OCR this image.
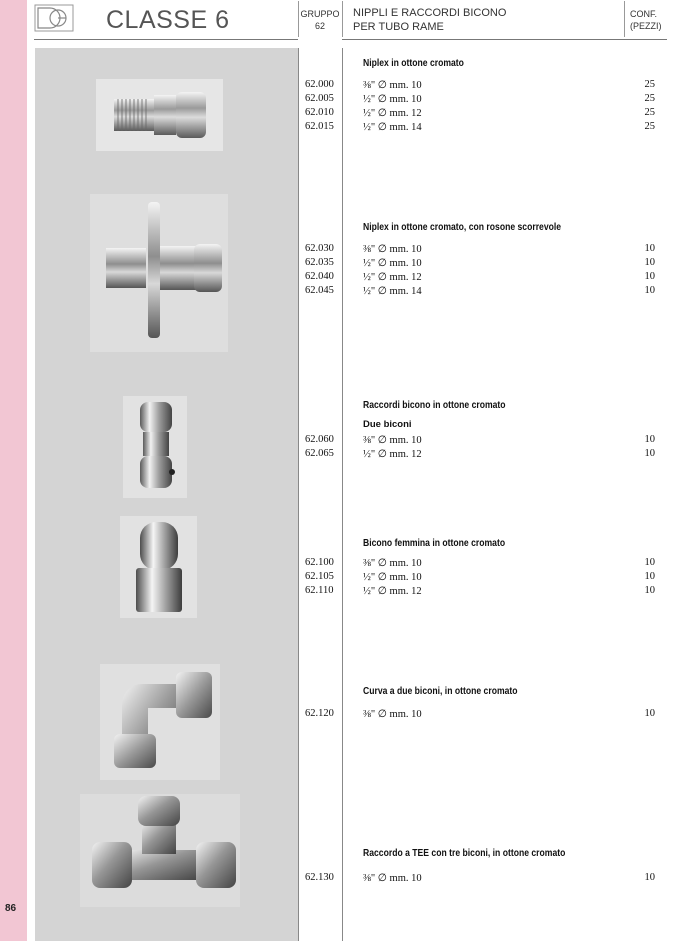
86
CLASSE 6	GRUPPO
62
NIPPLI E RACCORDI BICONO
PER TUBO RAME
CONF.
(PEZZI)
Niplex in ottone cromato
62.000	⅜" ∅ mm. 10	25
62.005	½" ∅ mm. 10	25
62.010	½" ∅ mm. 12	25
62.015	½" ∅ mm. 14	25
Niplex in ottone cromato, con rosone scorrevole
62.030	⅜" ∅ mm. 10	10
62.035	½" ∅ mm. 10	10
62.040	½" ∅ mm. 12	10
62.045	½" ∅ mm. 14	10
Raccordi bicono in ottone cromato
Due biconi
62.060	⅜" ∅ mm. 10	10
62.065	½" ∅ mm. 12	10
Bicono femmina in ottone cromato
62.100	⅜" ∅ mm. 10	10
62.105	½" ∅ mm. 10	10
62.110	½" ∅ mm. 12	10
Curva a due biconi, in ottone cromato
62.120	⅜" ∅ mm. 10	10
Raccordo a TEE con tre biconi, in ottone cromato
62.130	⅜" ∅ mm. 10	10
